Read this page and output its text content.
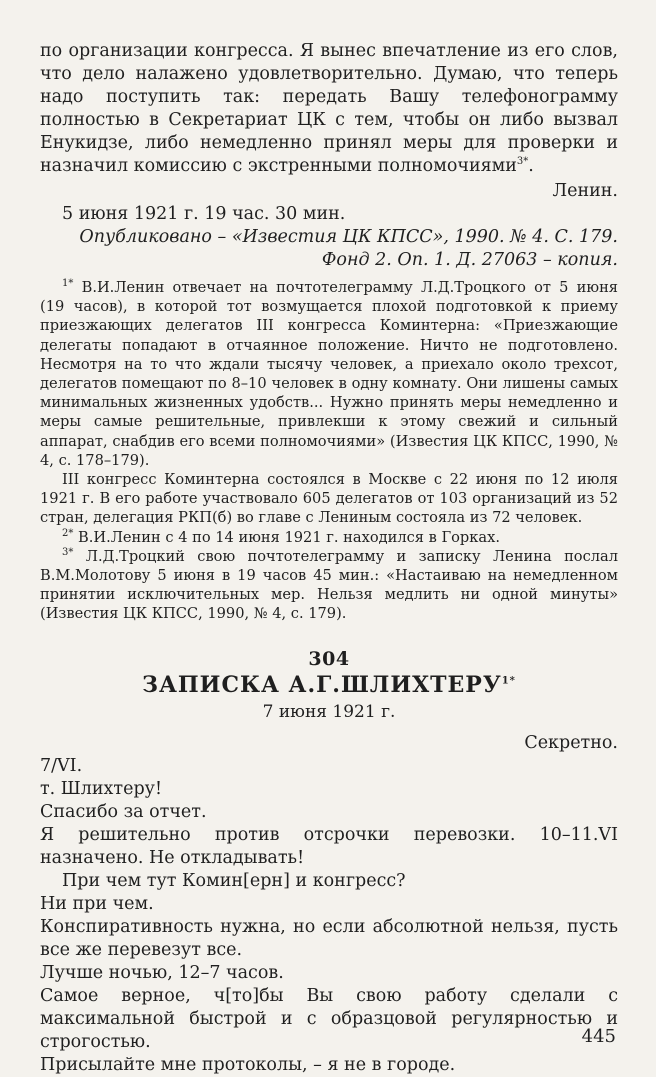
по организации конгресса. Я вынес впечатление из его слов, что дело налажено удовлетворительно. Думаю, что теперь надо поступить так: передать Вашу телефонограмму полностью в Секретариат ЦК с тем, чтобы он либо вызвал Енукидзе, либо немедленно принял меры для проверки и назначил комиссию с экстренными полномочиями$^{3*}$.

Ленин.

5 июня 1921 г. 19 час. 30 мин.

Опубликовано – «Известия ЦК КПСС», 1990. № 4. С. 179.

Фонд 2. Оп. 1. Д. 27063 – копия.

$^{1*}$ В.И.Ленин отвечает на почтотелеграмму Л.Д.Троцкого от 5 июня (19 часов), в которой тот возмущается плохой подготовкой к приему приезжающих делегатов III конгресса Коминтерна: «Приезжающие делегаты попадают в отчаянное положение. Ничто не подготовлено. Несмотря на то что ждали тысячу человек, а приехало около трехсот, делегатов помещают по 8–10 человек в одну комнату. Они лишены самых минимальных жизненных удобств... Нужно принять меры немедленно и меры самые решительные, привлекши к этому свежий и сильный аппарат, снабдив его всеми полномочиями» (Известия ЦК КПСС, 1990, № 4, с. 178–179).

III конгресс Коминтерна состоялся в Москве с 22 июня по 12 июля 1921 г. В его работе участвовало 605 делегатов от 103 организаций из 52 стран, делегация РКП(б) во главе с Лениным состояла из 72 человек.

$^{2*}$ В.И.Ленин с 4 по 14 июня 1921 г. находился в Горках.

$^{3*}$ Л.Д.Троцкий свою почтотелеграмму и записку Ленина послал В.М.Молотову 5 июня в 19 часов 45 мин.: «Настаиваю на немедленном принятии исключительных мер. Нельзя медлить ни одной минуты» (Известия ЦК КПСС, 1990, № 4, с. 179).

304
ЗАПИСКА $А.Г.ШЛИХТЕРУ^{1*}$
7 июня 1921 г.

Секретно.

7/VI.

т. Шлихтеру!

Спасибо за отчет.

Я решительно против отсрочки перевозки. 10–11.VI назначено. Не откладывать!

При чем тут Комин[ерн] и конгресс?

Ни при чем.

Конспиративность нужна, но если абсолютной нельзя, пусть все же перевезут все.

Лучше ночью, 12–7 часов.

Самое верное, ч[то]бы Вы свою работу сделали с максимальной быстрой и с образцовой регулярностью и строгостью.

Присылайте мне протоколы, – я не в городе.

445
